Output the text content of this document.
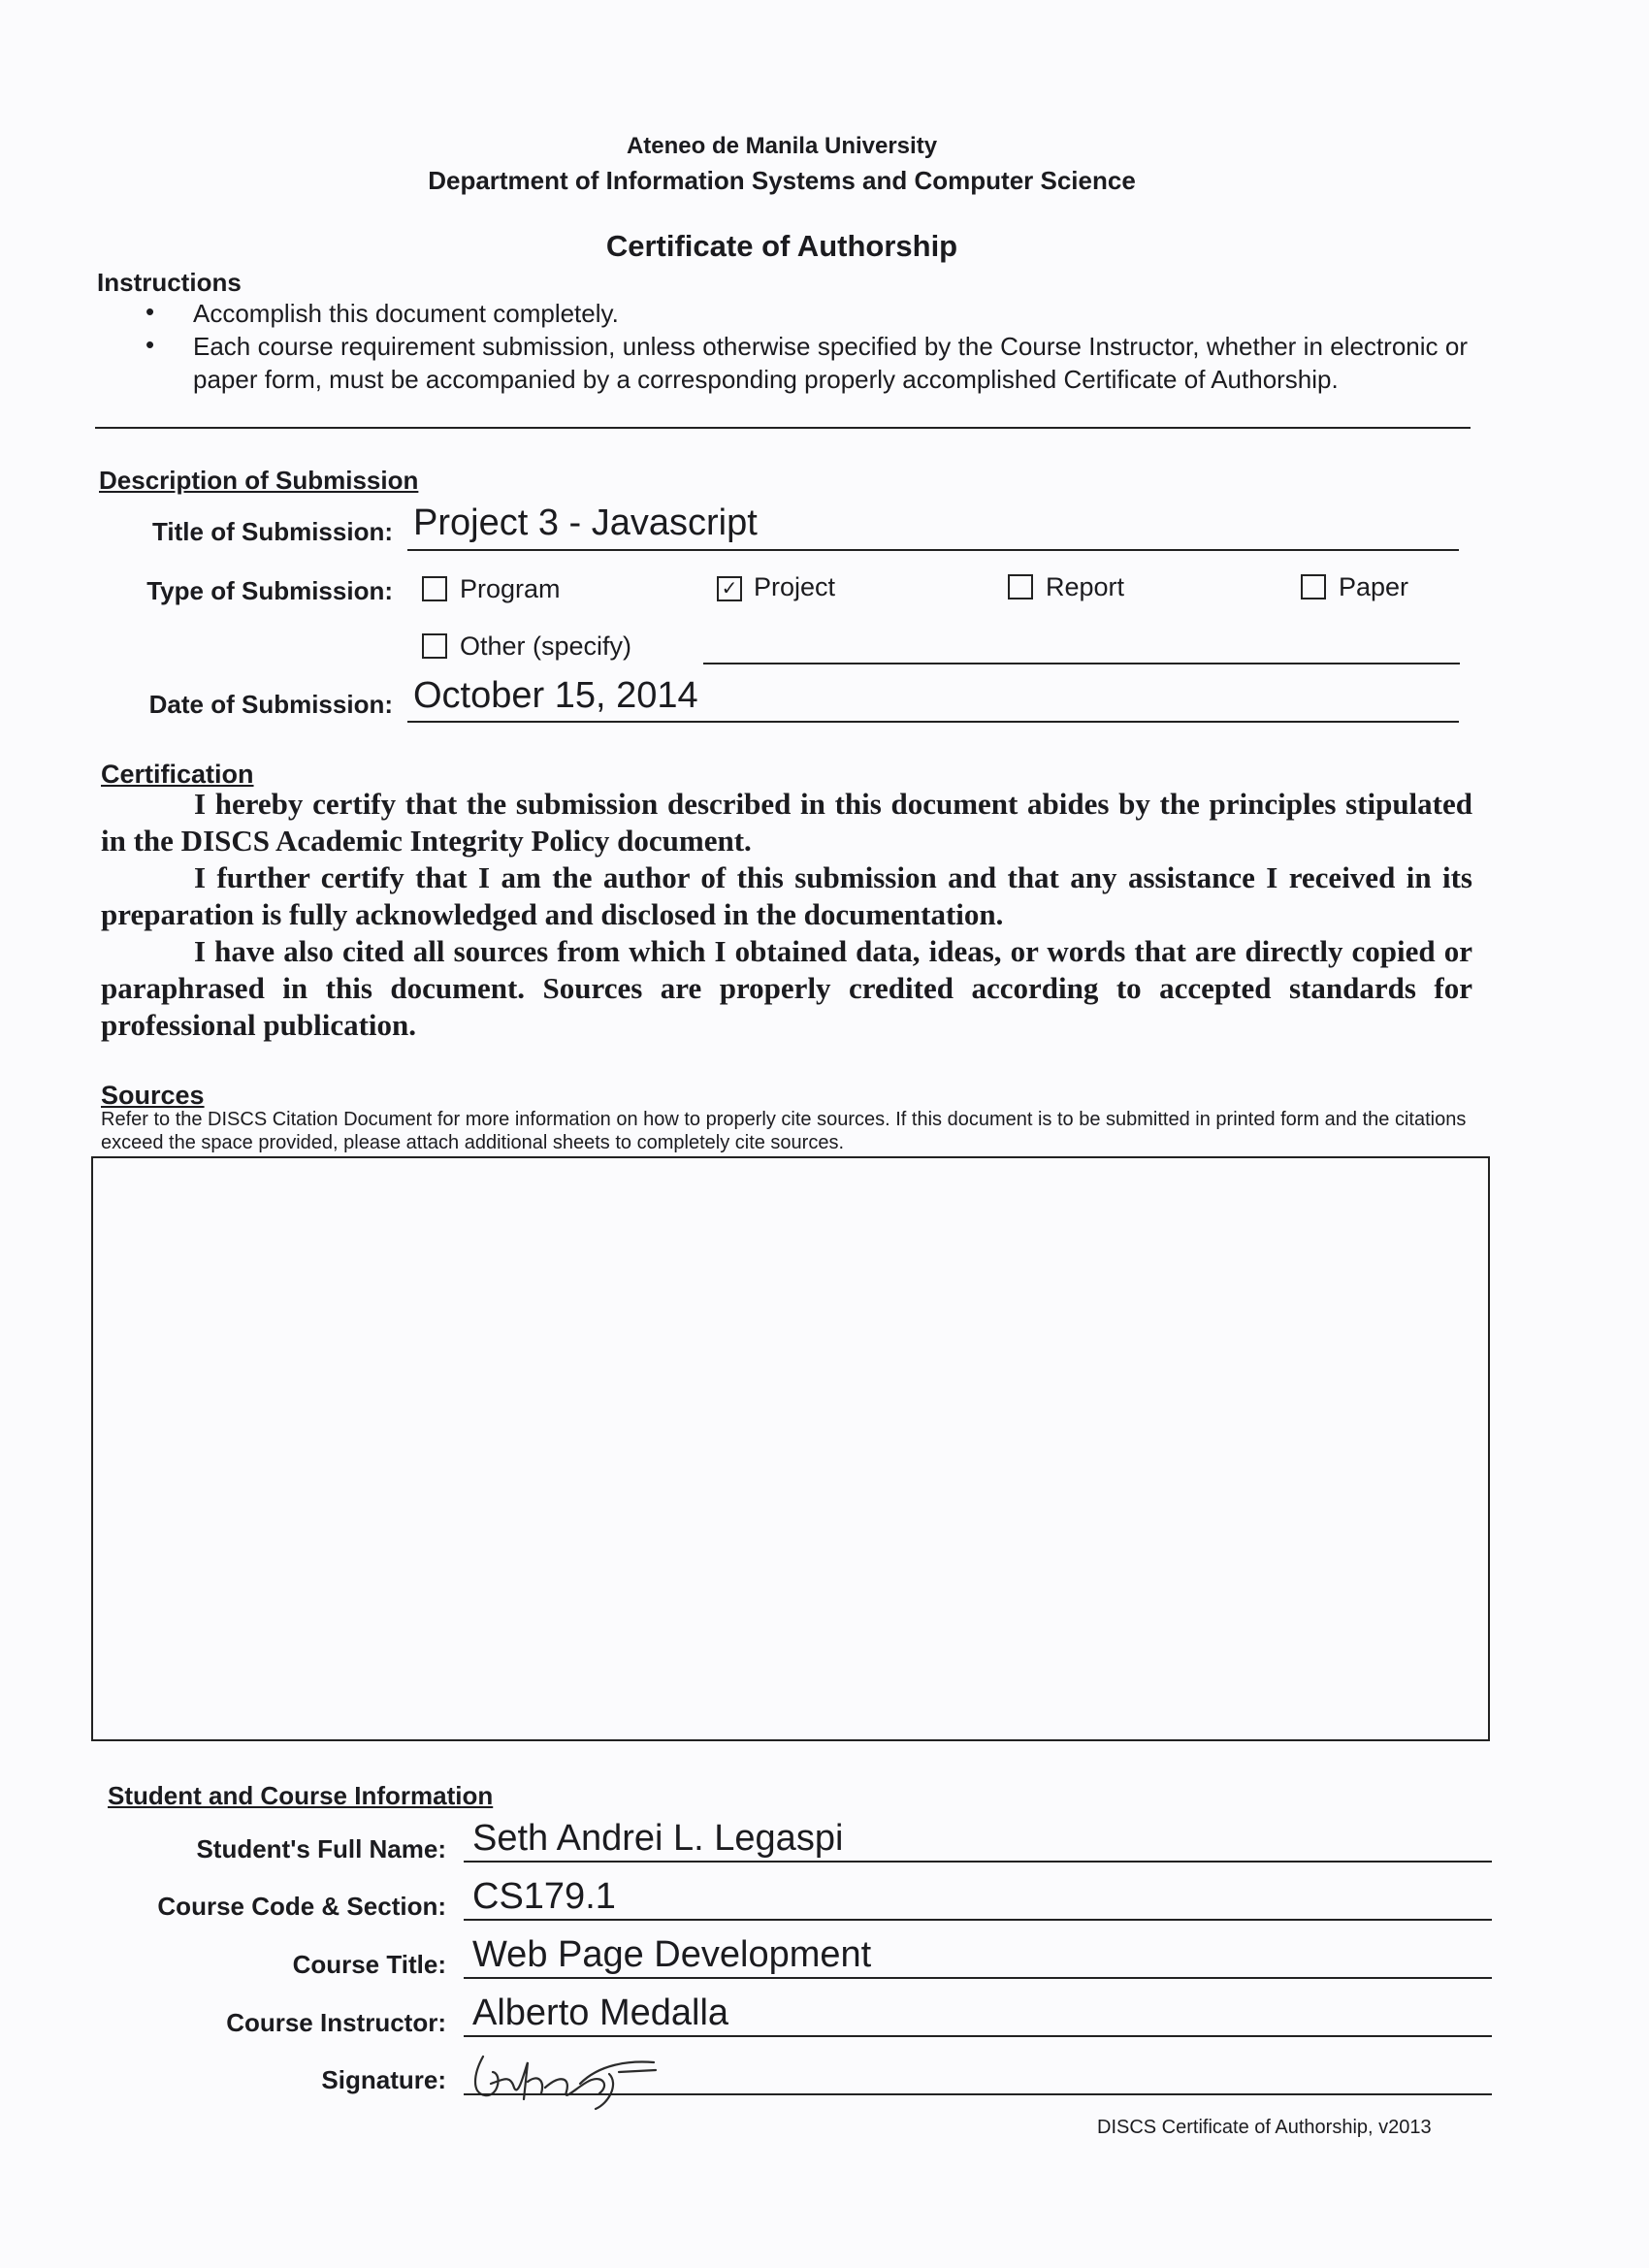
Ateneo de Manila University
Department of Information Systems and Computer Science
Certificate of Authorship
Instructions
• Accomplish this document completely.
• Each course requirement submission, unless otherwise specified by the Course Instructor, whether in electronic or paper form, must be accompanied by a corresponding properly accomplished Certificate of Authorship.
Description of Submission
Title of Submission: Project 3 - Javascript
Type of Submission:	Program	✓ Project	Report	Paper
Other (specify)
Date of Submission: October 15, 2014
Certification

I hereby certify that the submission described in this document abides by the principles stipulated in the DISCS Academic Integrity Policy document.

I further certify that I am the author of this submission and that any assistance I received in its preparation is fully acknowledged and disclosed in the documentation.

I have also cited all sources from which I obtained data, ideas, or words that are directly copied or paraphrased in this document. Sources are properly credited according to accepted standards for professional publication.

Sources
Refer to the DISCS Citation Document for more information on how to properly cite sources. If this document is to be submitted in printed form and the citations exceed the space provided, please attach additional sheets to completely cite sources.
Student and Course Information
Student's Full Name: Seth Andrei L. Legaspi
Course Code & Section: CS179.1
Course Title: Web Page Development
Course Instructor: Alberto Medalla
Signature:
DISCS Certificate of Authorship, v2013
